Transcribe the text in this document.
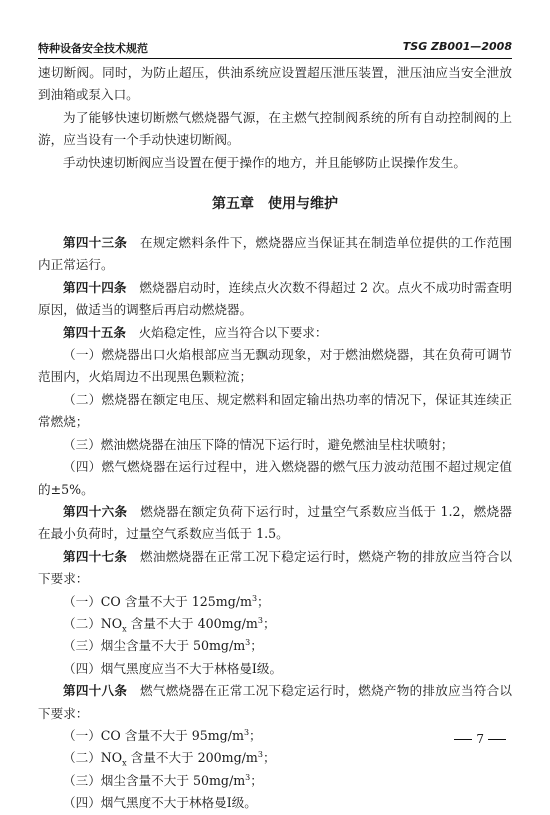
特种设备安全技术规范	TSG ZB001—2008

速切断阀。同时，为防止超压，供油系统应设置超压泄压装置，泄压油应当安全泄放到油箱或泵入口。

为了能够快速切断燃气燃烧器气源，在主燃气控制阀系统的所有自动控制阀的上游，应当设有一个手动快速切断阀。

手动快速切断阀应当设置在便于操作的地方，并且能够防止误操作发生。

第五章　使用与维护

第四十三条　 在规定燃料条件下，燃烧器应当保证其在制造单位提供的工作范围内正常运行。

第四十四条　 燃烧器启动时，连续点火次数不得超过 2 次。点火不成功时需查明原因，做适当的调整后再启动燃烧器。

第四十五条　 火焰稳定性，应当符合以下要求：

（一）燃烧器出口火焰根部应当无飘动现象，对于燃油燃烧器，其在负荷可调节范围内，火焰周边不出现黑色颗粒流；

（二）燃烧器在额定电压、规定燃料和固定输出热功率的情况下，保证其连续正常燃烧；

（三）燃油燃烧器在油压下降的情况下运行时，避免燃油呈柱状喷射；

（四）燃气燃烧器在运行过程中，进入燃烧器的燃气压力波动范围不超过规定值的±5%。

第四十六条　 燃烧器在额定负荷下运行时，过量空气系数应当低于 1.2，燃烧器在最小负荷时，过量空气系数应当低于 1.5。

第四十七条　 燃油燃烧器在正常工况下稳定运行时，燃烧产物的排放应当符合以下要求：

（一）CO 含量不大于 $125mg/m^3$；

（二）$NO_x$ 含量不大于 $400mg/m^3$；

（三）烟尘含量不大于 $50mg/m^3$；

（四）烟气黑度应当不大于林格曼Ⅰ级。

第四十八条　 燃气燃烧器在正常工况下稳定运行时，燃烧产物的排放应当符合以下要求：

（一）CO 含量不大于 $95mg/m^3$；

（二）$NO_x$ 含量不大于 $200mg/m^3$；

（三）烟尘含量不大于 $50mg/m^3$；

（四）烟气黑度不大于林格曼Ⅰ级。

7
